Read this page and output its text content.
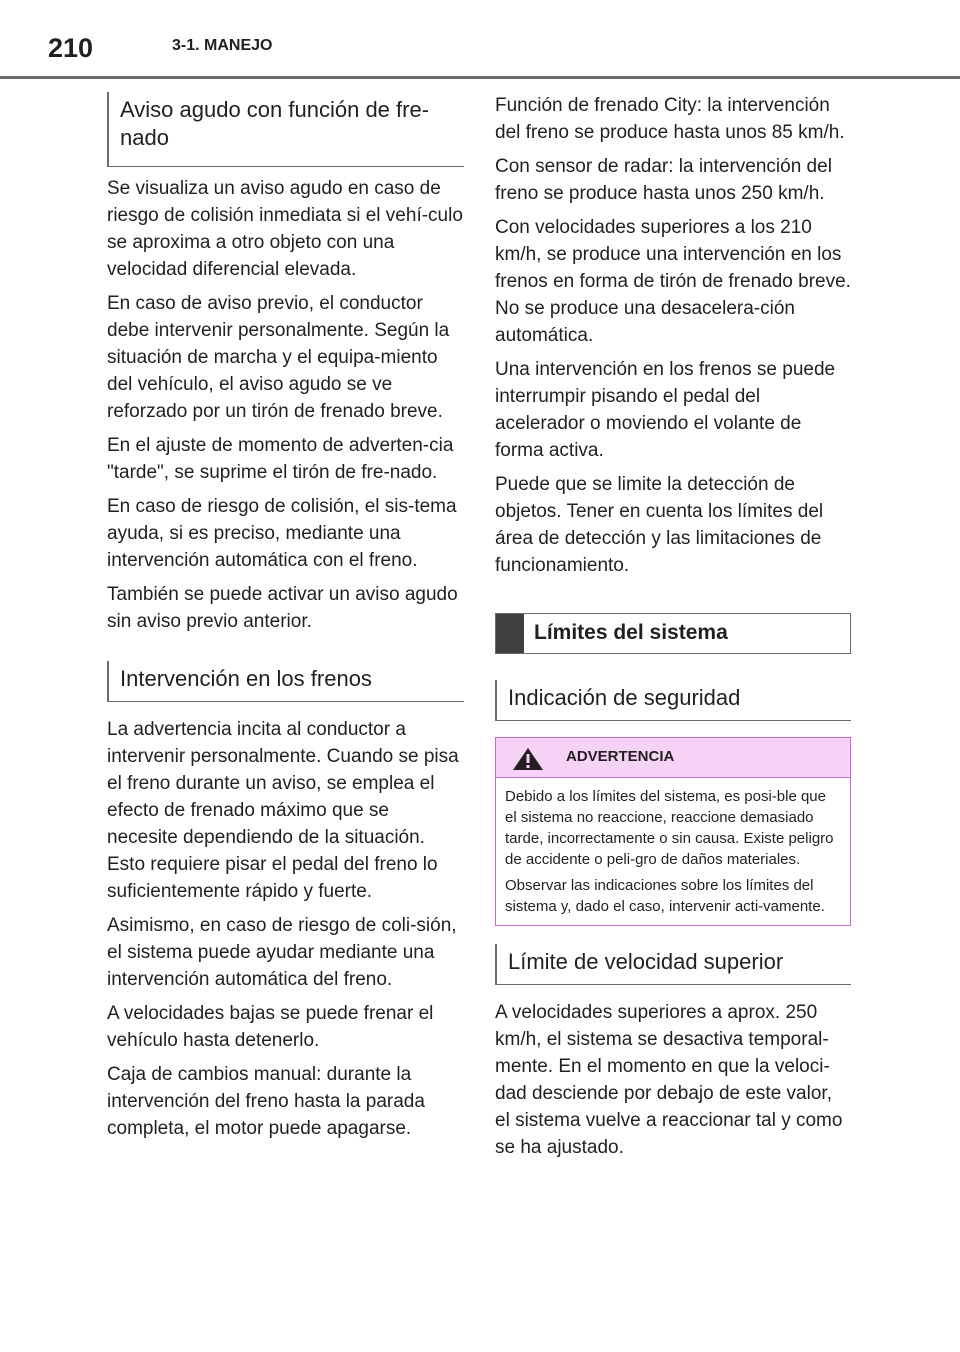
210	3-1. MANEJO
Aviso agudo con función de fre-
nado

Se visualiza un aviso agudo en caso de riesgo de colisión inmediata si el vehí-culo se aproxima a otro objeto con una velocidad diferencial elevada.

En caso de aviso previo, el conductor debe intervenir personalmente. Según la situación de marcha y el equipa-miento del vehículo, el aviso agudo se ve reforzado por un tirón de frenado breve.

En el ajuste de momento de adverten-cia "tarde", se suprime el tirón de fre-nado.

En caso de riesgo de colisión, el sis-tema ayuda, si es preciso, mediante una intervención automática con el freno.

También se puede activar un aviso agudo sin aviso previo anterior.

Intervención en los frenos

La advertencia incita al conductor a intervenir personalmente. Cuando se pisa el freno durante un aviso, se emplea el efecto de frenado máximo que se necesite dependiendo de la situación. Esto requiere pisar el pedal del freno lo suficientemente rápido y fuerte.

Asimismo, en caso de riesgo de coli-sión, el sistema puede ayudar mediante una intervención automática del freno.

A velocidades bajas se puede frenar el vehículo hasta detenerlo.

Caja de cambios manual: durante la intervención del freno hasta la parada completa, el motor puede apagarse.

Función de frenado City: la intervención del freno se produce hasta unos 85 km/h.

Con sensor de radar: la intervención del freno se produce hasta unos 250 km/h.

Con velocidades superiores a los 210 km/h, se produce una intervención en los frenos en forma de tirón de frenado breve. No se produce una desacelera-ción automática.

Una intervención en los frenos se puede interrumpir pisando el pedal del acelerador o moviendo el volante de forma activa.

Puede que se limite la detección de objetos. Tener en cuenta los límites del área de detección y las limitaciones de funcionamiento.

Límites del sistema
Indicación de seguridad
ADVERTENCIA

Debido a los límites del sistema, es posi-ble que el sistema no reaccione, reaccione demasiado tarde, incorrectamente o sin causa. Existe peligro de accidente o peli-gro de daños materiales.

Observar las indicaciones sobre los límites del sistema y, dado el caso, intervenir acti-vamente.

Límite de velocidad superior

A velocidades superiores a aprox. 250 km/h, el sistema se desactiva temporal-mente. En el momento en que la veloci-dad desciende por debajo de este valor, el sistema vuelve a reaccionar tal y como se ha ajustado.
